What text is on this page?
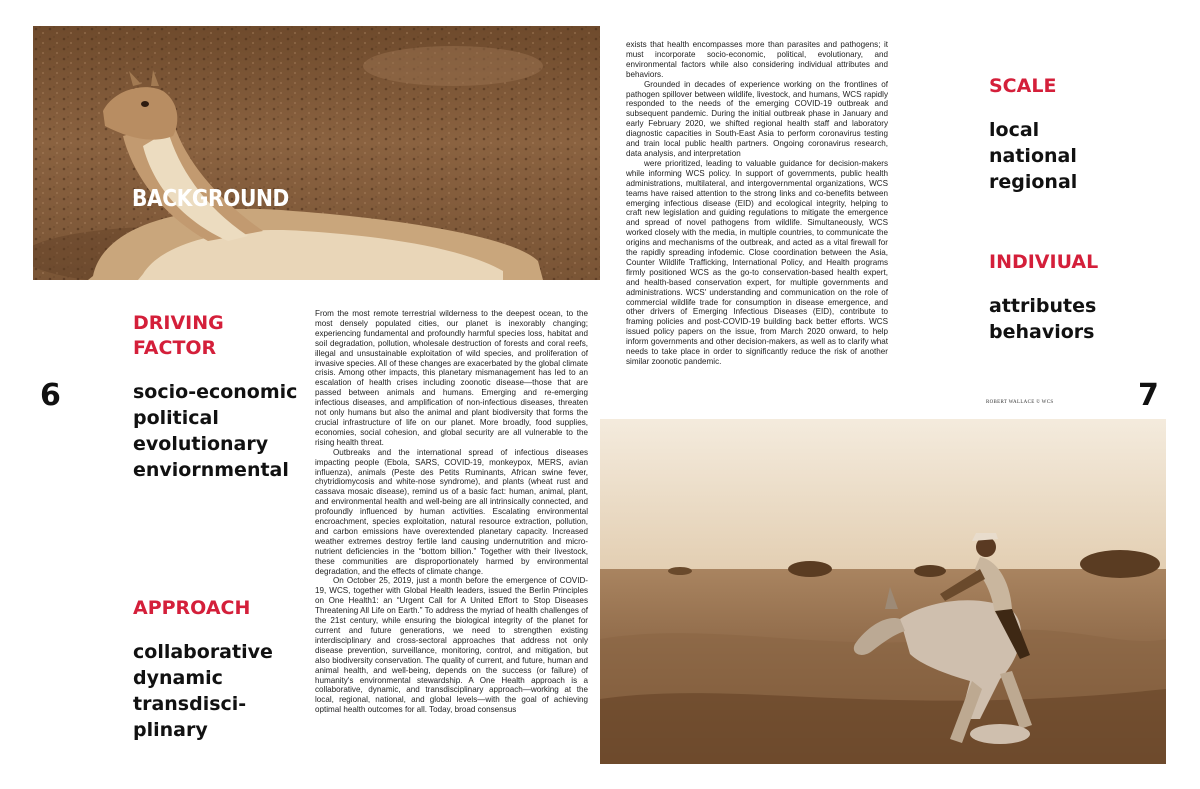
BACKGROUND
6	7
DRIVING
FACTOR
socio-economic
political
evolutionary
enviornmental
APPROACH
collaborative
dynamic
transdisci-
plinary
SCALE
local
national
regional
INDIVIUAL
attributes
behaviors

From the most remote terrestrial wilderness to the deepest ocean, to the most densely populated cities, our planet is inexorably changing; experiencing fundamental and profoundly harmful species loss, habitat and soil degradation, pollution, wholesale destruction of forests and coral reefs, illegal and unsustainable exploitation of wild species, and proliferation of invasive species. All of these changes are exacerbated by the global climate crisis. Among other impacts, this planetary mismanagement has led to an escalation of health crises including zoonotic disease—those that are passed between animals and humans. Emerging and re-emerging infectious diseases, and amplification of non-infectious diseases, threaten not only humans but also the animal and plant biodiversity that forms the crucial infrastructure of life on our planet. More broadly, food supplies, economies, social cohesion, and global security are all vulnerable to the rising health threat.

Outbreaks and the international spread of infectious diseases impacting people (Ebola, SARS, COVID-19, monkeypox, MERS, avian influenza), animals (Peste des Petits Ruminants, African swine fever, chytridiomycosis and white-nose syndrome), and plants (wheat rust and cassava mosaic disease), remind us of a basic fact: human, animal, plant, and environmental health and well-being are all intrinsically connected, and profoundly influenced by human activities. Escalating environmental encroachment, species exploitation, natural resource extraction, pollution, and carbon emissions have overextended planetary capacity. Increased weather extremes destroy fertile land causing undernutrition and micro-nutrient deficiencies in the “bottom billion.” Together with their livestock, these communities are disproportionately harmed by environmental degradation, and the effects of climate change.

On October 25, 2019, just a month before the emergence of COVID-19, WCS, together with Global Health leaders, issued the Berlin Principles on One Health1: an “Urgent Call for A United Effort to Stop Diseases Threatening All Life on Earth.” To address the myriad of health challenges of the 21st century, while ensuring the biological integrity of the planet for current and future generations, we need to strengthen existing interdisciplinary and cross-sectoral approaches that address not only disease prevention, surveillance, monitoring, control, and mitigation, but also biodiversity conservation. The quality of current, and future, human and animal health, and well-being, depends on the success (or failure) of humanity's environmental stewardship. A One Health approach is a collaborative, dynamic, and transdisciplinary approach—working at the local, regional, national, and global levels—with the goal of achieving optimal health outcomes for all. Today, broad consensus

exists that health encompasses more than parasites and pathogens; it must incorporate socio-economic, political, evolutionary, and environmental factors while also considering individual attributes and behaviors.

Grounded in decades of experience working on the frontlines of pathogen spillover between wildlife, livestock, and humans, WCS rapidly responded to the needs of the emerging COVID-19 outbreak and subsequent pandemic. During the initial outbreak phase in January and early February 2020, we shifted regional health staff and laboratory diagnostic capacities in South-East Asia to perform coronavirus testing and train local public health partners. Ongoing coronavirus research, data analysis, and interpretation

were prioritized, leading to valuable guidance for decision-makers while informing WCS policy. In support of governments, public health administrations, multilateral, and intergovernmental organizations, WCS teams have raised attention to the strong links and co-benefits between emerging infectious disease (EID) and ecological integrity, helping to craft new legislation and guiding regulations to mitigate the emergence and spread of novel pathogens from wildlife. Simultaneously, WCS worked closely with the media, in multiple countries, to communicate the origins and mechanisms of the outbreak, and acted as a vital firewall for the rapidly spreading infodemic. Close coordination between the Asia, Counter Wildlife Trafficking, International Policy, and Health programs firmly positioned WCS as the go-to conservation-based health expert, and health-based conservation expert, for multiple governments and administrations. WCS' understanding and communication on the role of commercial wildlife trade for consumption in disease emergence, and other drivers of Emerging Infectious Diseases (EID), contribute to framing policies and post-COVID-19 building back better efforts. WCS issued policy papers on the issue, from March 2020 onward, to help inform governments and other decision-makers, as well as to clarify what needs to take place in order to significantly reduce the risk of another similar zoonotic pandemic.

ROBERT WALLACE © WCS
